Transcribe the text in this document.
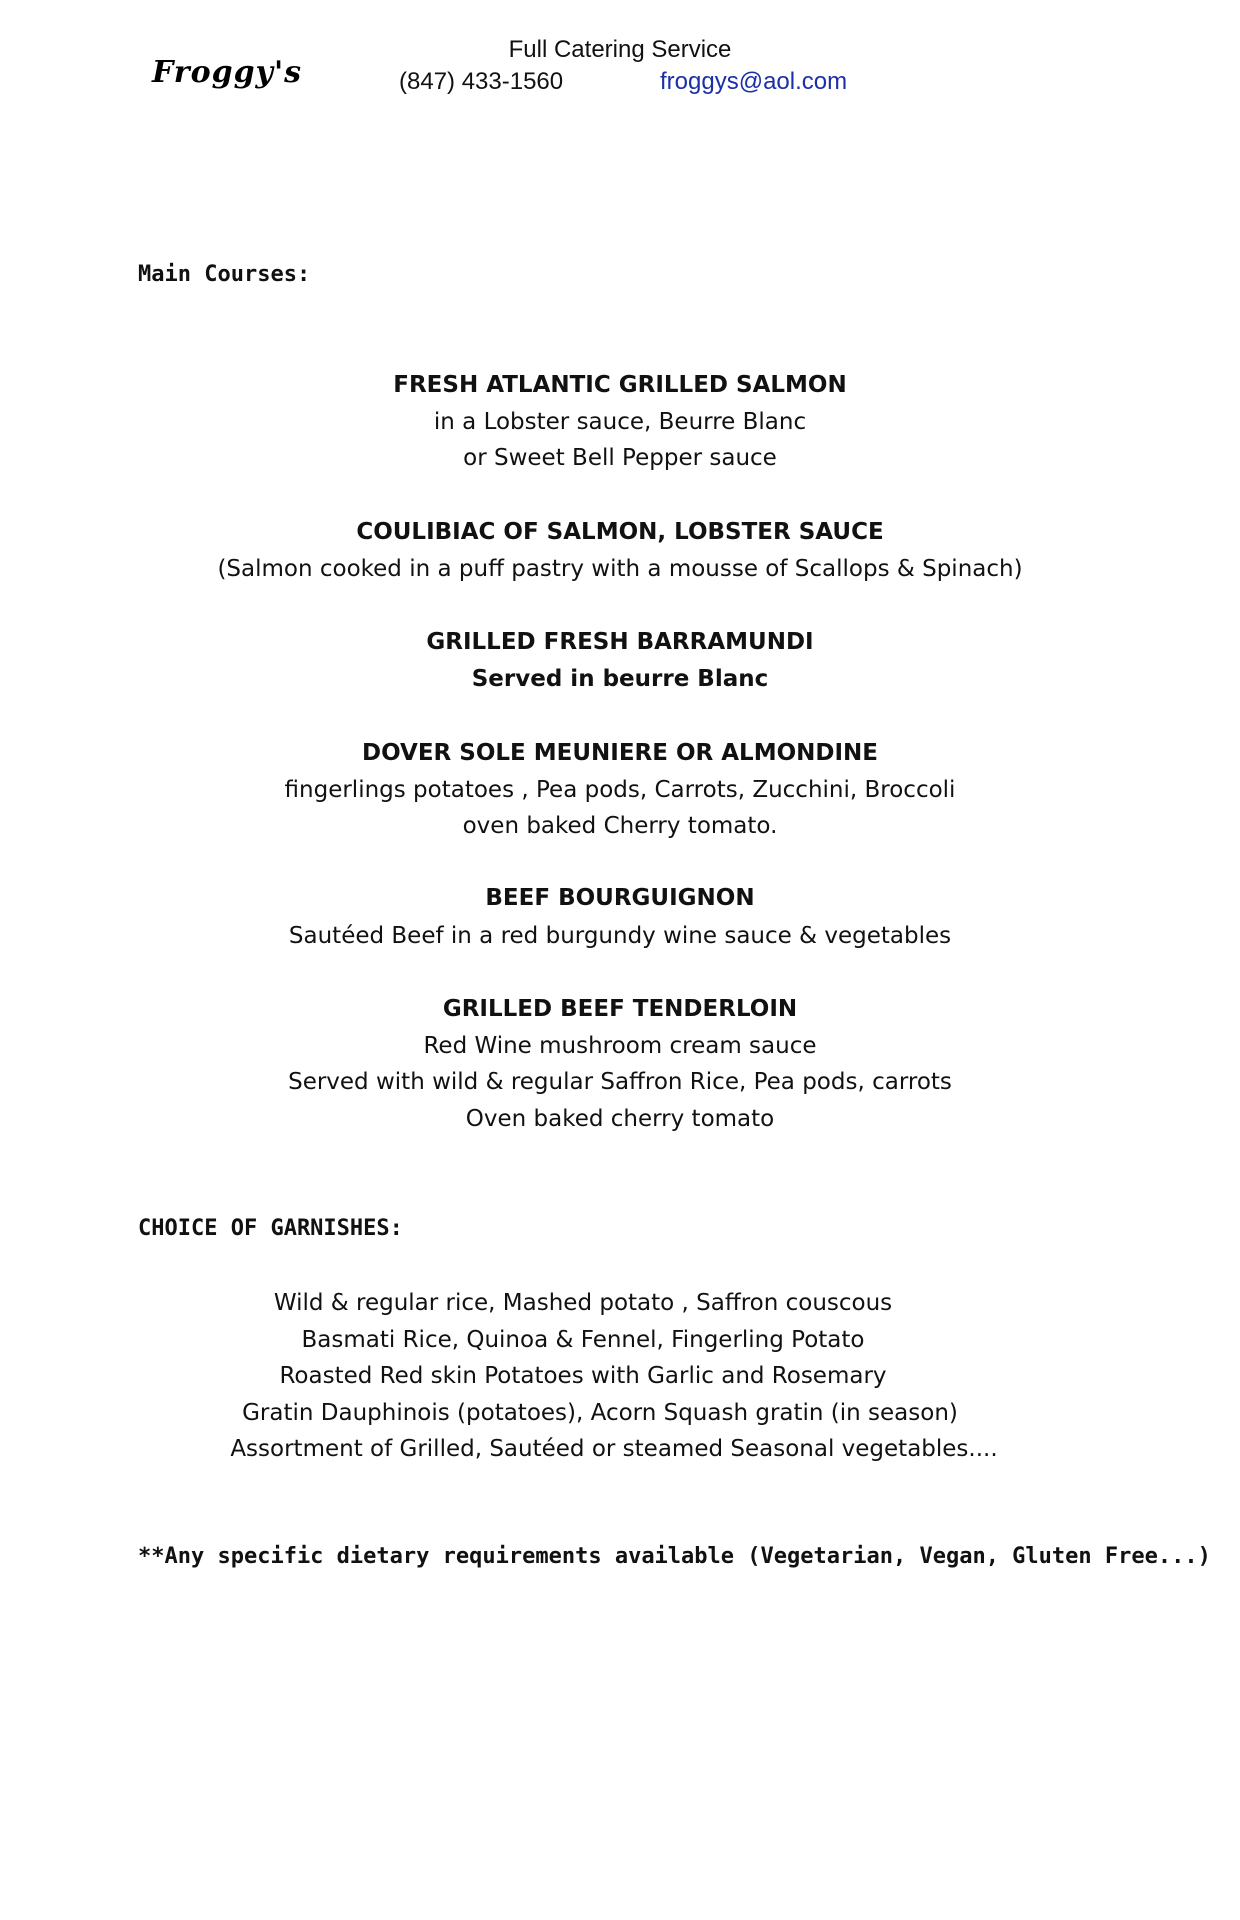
Froggy's
Full Catering Service
(847) 433-1560	froggys@aol.com
Main Courses:
FRESH ATLANTIC GRILLED SALMON
in a Lobster sauce, Beurre Blanc
or Sweet Bell Pepper sauce
COULIBIAC OF SALMON, LOBSTER SAUCE
(Salmon cooked in a puff pastry with a mousse of Scallops & Spinach)
GRILLED FRESH BARRAMUNDI
Served in beurre Blanc
DOVER SOLE MEUNIERE OR ALMONDINE
fingerlings potatoes , Pea pods, Carrots, Zucchini, Broccoli
oven baked Cherry tomato.
BEEF BOURGUIGNON
Sautéed Beef in a red burgundy wine sauce & vegetables
GRILLED BEEF TENDERLOIN
Red Wine mushroom cream sauce
Served with wild & regular Saffron Rice, Pea pods, carrots
Oven baked cherry tomato
CHOICE OF GARNISHES:
Wild & regular rice, Mashed potato , Saffron couscous
Basmati Rice, Quinoa & Fennel, Fingerling Potato
Roasted Red skin Potatoes with Garlic and Rosemary
Gratin Dauphinois (potatoes), Acorn Squash gratin (in season)
Assortment of Grilled, Sautéed or steamed Seasonal vegetables....
**Any specific dietary requirements available (Vegetarian, Vegan, Gluten Free...)
